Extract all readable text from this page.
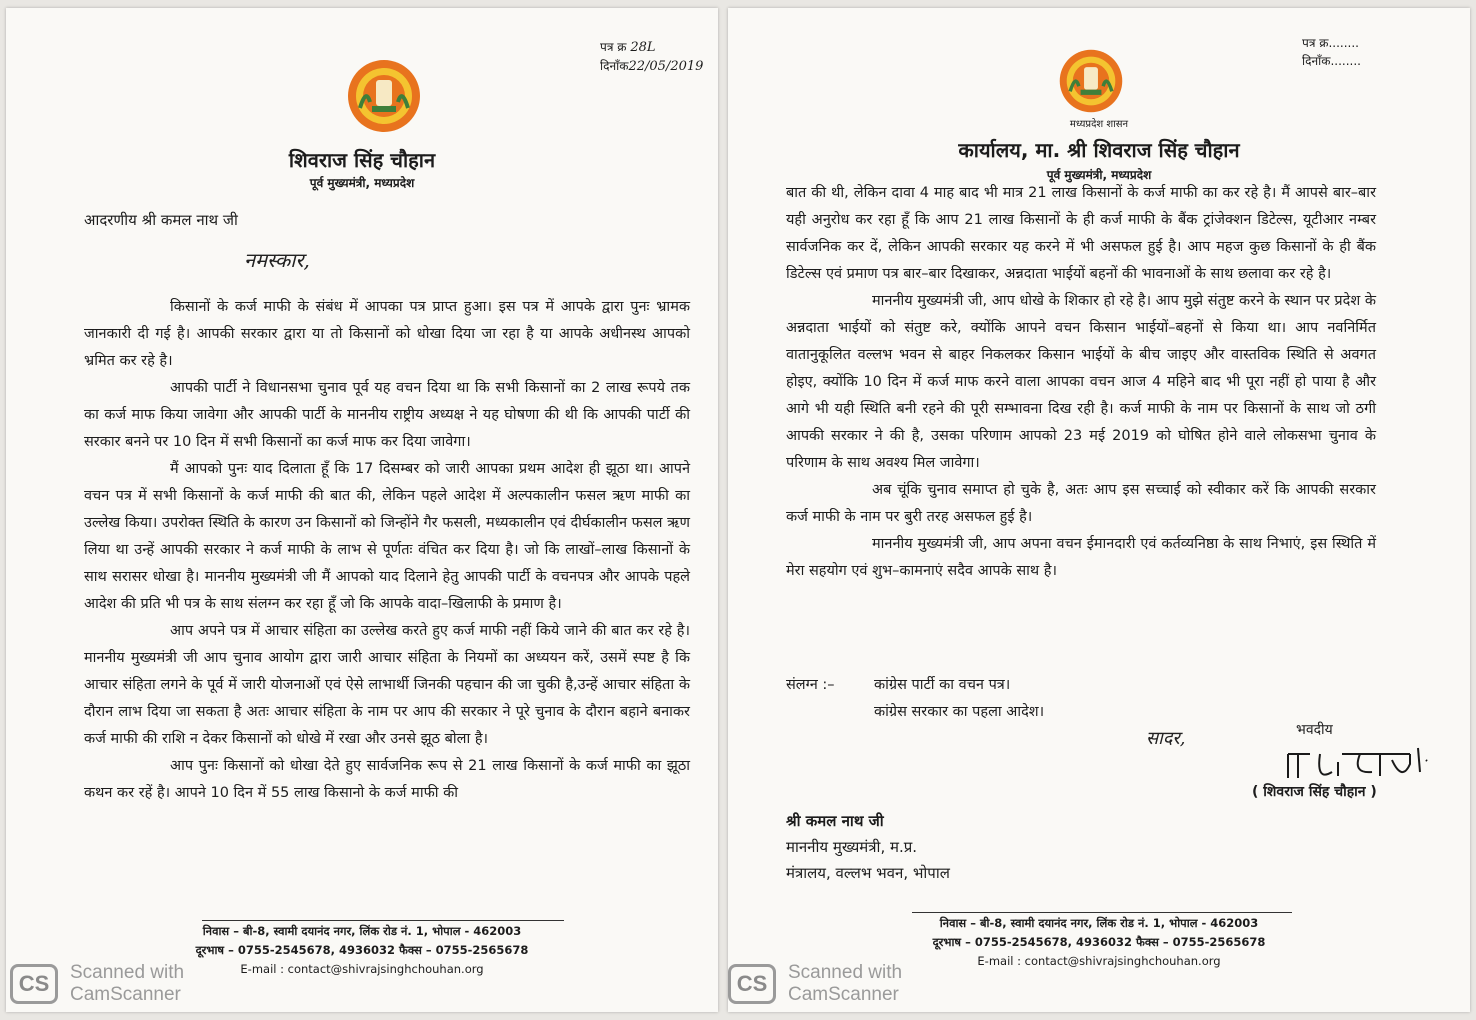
पत्र क्र 28L
दिनाँक22/05/2019
शिवराज सिंह चौहान
पूर्व मुख्यमंत्री, मध्यप्रदेश
आदरणीय श्री कमल नाथ जी
नमस्कार,

किसानों के कर्ज माफी के संबंध में आपका पत्र प्राप्त हुआ। इस पत्र में आपके द्वारा पुनः भ्रामक जानकारी दी गई है। आपकी सरकार द्वारा या तो किसानों को धोखा दिया जा रहा है या आपके अधीनस्थ आपको भ्रमित कर रहे है।

आपकी पार्टी ने विधानसभा चुनाव पूर्व यह वचन दिया था कि सभी किसानों का 2 लाख रूपये तक का कर्ज माफ किया जावेगा और आपकी पार्टी के माननीय राष्ट्रीय अध्यक्ष ने यह घोषणा की थी कि आपकी पार्टी की सरकार बनने पर 10 दिन में सभी किसानों का कर्ज माफ कर दिया जावेगा।

मैं आपको पुनः याद दिलाता हूँ कि 17 दिसम्बर को जारी आपका प्रथम आदेश ही झूठा था। आपने वचन पत्र में सभी किसानों के कर्ज माफी की बात की, लेकिन पहले आदेश में अल्पकालीन फसल ऋण माफी का उल्लेख किया। उपरोक्त स्थिति के कारण उन किसानों को जिन्होंने गैर फसली, मध्यकालीन एवं दीर्घकालीन फसल ऋण लिया था उन्हें आपकी सरकार ने कर्ज माफी के लाभ से पूर्णतः वंचित कर दिया है। जो कि लाखों–लाख किसानों के साथ सरासर धोखा है। माननीय मुख्यमंत्री जी मैं आपको याद दिलाने हेतु आपकी पार्टी के वचनपत्र और आपके पहले आदेश की प्रति भी पत्र के साथ संलग्न कर रहा हूँ जो कि आपके वादा–खिलाफी के प्रमाण है।

आप अपने पत्र में आचार संहिता का उल्लेख करते हुए कर्ज माफी नहीं किये जाने की बात कर रहे है। माननीय मुख्यमंत्री जी आप चुनाव आयोग द्वारा जारी आचार संहिता के नियमों का अध्ययन करें, उसमें स्पष्ट है कि आचार संहिता लगने के पूर्व में जारी योजनाओं एवं ऐसे लाभार्थी जिनकी पहचान की जा चुकी है,उन्हें आचार संहिता के दौरान लाभ दिया जा सकता है अतः आचार संहिता के नाम पर आप की सरकार ने पूरे चुनाव के दौरान बहाने बनाकर कर्ज माफी की राशि न देकर किसानों को धोखे में रखा और उनसे झूठ बोला है।

आप पुनः किसानों को धोखा देते हुए सार्वजनिक रूप से 21 लाख किसानों के कर्ज माफी का झूठा कथन कर रहें है। आपने 10 दिन में 55 लाख किसानो के कर्ज माफी की

निवास – बी-8, स्वामी दयानंद नगर, लिंक रोड नं. 1, भोपाल - 462003
दूरभाष – 0755-2545678, 4936032 फैक्स – 0755-2565678
E-mail : contact@shivrajsinghchouhan.org
CS	Scanned with
CamScanner
पत्र क्र........
दिनाँक........
मध्यप्रदेश शासन
कार्यालय, मा. श्री शिवराज सिंह चौहान
पूर्व मुख्यमंत्री, मध्यप्रदेश

बात की थी, लेकिन दावा 4 माह बाद भी मात्र 21 लाख किसानों के कर्ज माफी का कर रहे है। मैं आपसे बार–बार यही अनुरोध कर रहा हूँ कि आप 21 लाख किसानों के ही कर्ज माफी के बैंक ट्रांजेक्शन डिटेल्स, यूटीआर नम्बर सार्वजनिक कर दें, लेकिन आपकी सरकार यह करने में भी असफल हुई है। आप महज कुछ किसानों के ही बैंक डिटेल्स एवं प्रमाण पत्र बार–बार दिखाकर, अन्नदाता भाईयों बहनों की भावनाओं के साथ छलावा कर रहे है।

माननीय मुख्यमंत्री जी, आप धोखे के शिकार हो रहे है। आप मुझे संतुष्ट करने के स्थान पर प्रदेश के अन्नदाता भाईयों को संतुष्ट करे, क्योंकि आपने वचन किसान भाईयों–बहनों से किया था। आप नवनिर्मित वातानुकूलित वल्लभ भवन से बाहर निकलकर किसान भाईयों के बीच जाइए और वास्तविक स्थिति से अवगत होइए, क्योंकि 10 दिन में कर्ज माफ करने वाला आपका वचन आज 4 महिने बाद भी पूरा नहीं हो पाया है और आगे भी यही स्थिति बनी रहने की पूरी सम्भावना दिख रही है। कर्ज माफी के नाम पर किसानों के साथ जो ठगी आपकी सरकार ने की है, उसका परिणाम आपको 23 मई 2019 को घोषित होने वाले लोकसभा चुनाव के परिणाम के साथ अवश्य मिल जावेगा।

अब चूंकि चुनाव समाप्त हो चुके है, अतः आप इस सच्चाई को स्वीकार करें कि आपकी सरकार कर्ज माफी के नाम पर बुरी तरह असफल हुई है।

माननीय मुख्यमंत्री जी, आप अपना वचन ईमानदारी एवं कर्तव्यनिष्ठा के साथ निभाएं, इस स्थिति में मेरा सहयोग एवं शुभ–कामनाएं सदैव आपके साथ है।

संलग्न :–	कांग्रेस पार्टी का वचन पत्र।
कांग्रेस सरकार का पहला आदेश।
सादर,	भवदीय
( शिवराज सिंह चौहान )
श्री कमल नाथ जी
माननीय मुख्यमंत्री, म.प्र.
मंत्रालय, वल्लभ भवन, भोपाल
निवास – बी-8, स्वामी दयानंद नगर, लिंक रोड नं. 1, भोपाल - 462003
दूरभाष – 0755-2545678, 4936032 फैक्स – 0755-2565678
E-mail : contact@shivrajsinghchouhan.org
CS	Scanned with
CamScanner
